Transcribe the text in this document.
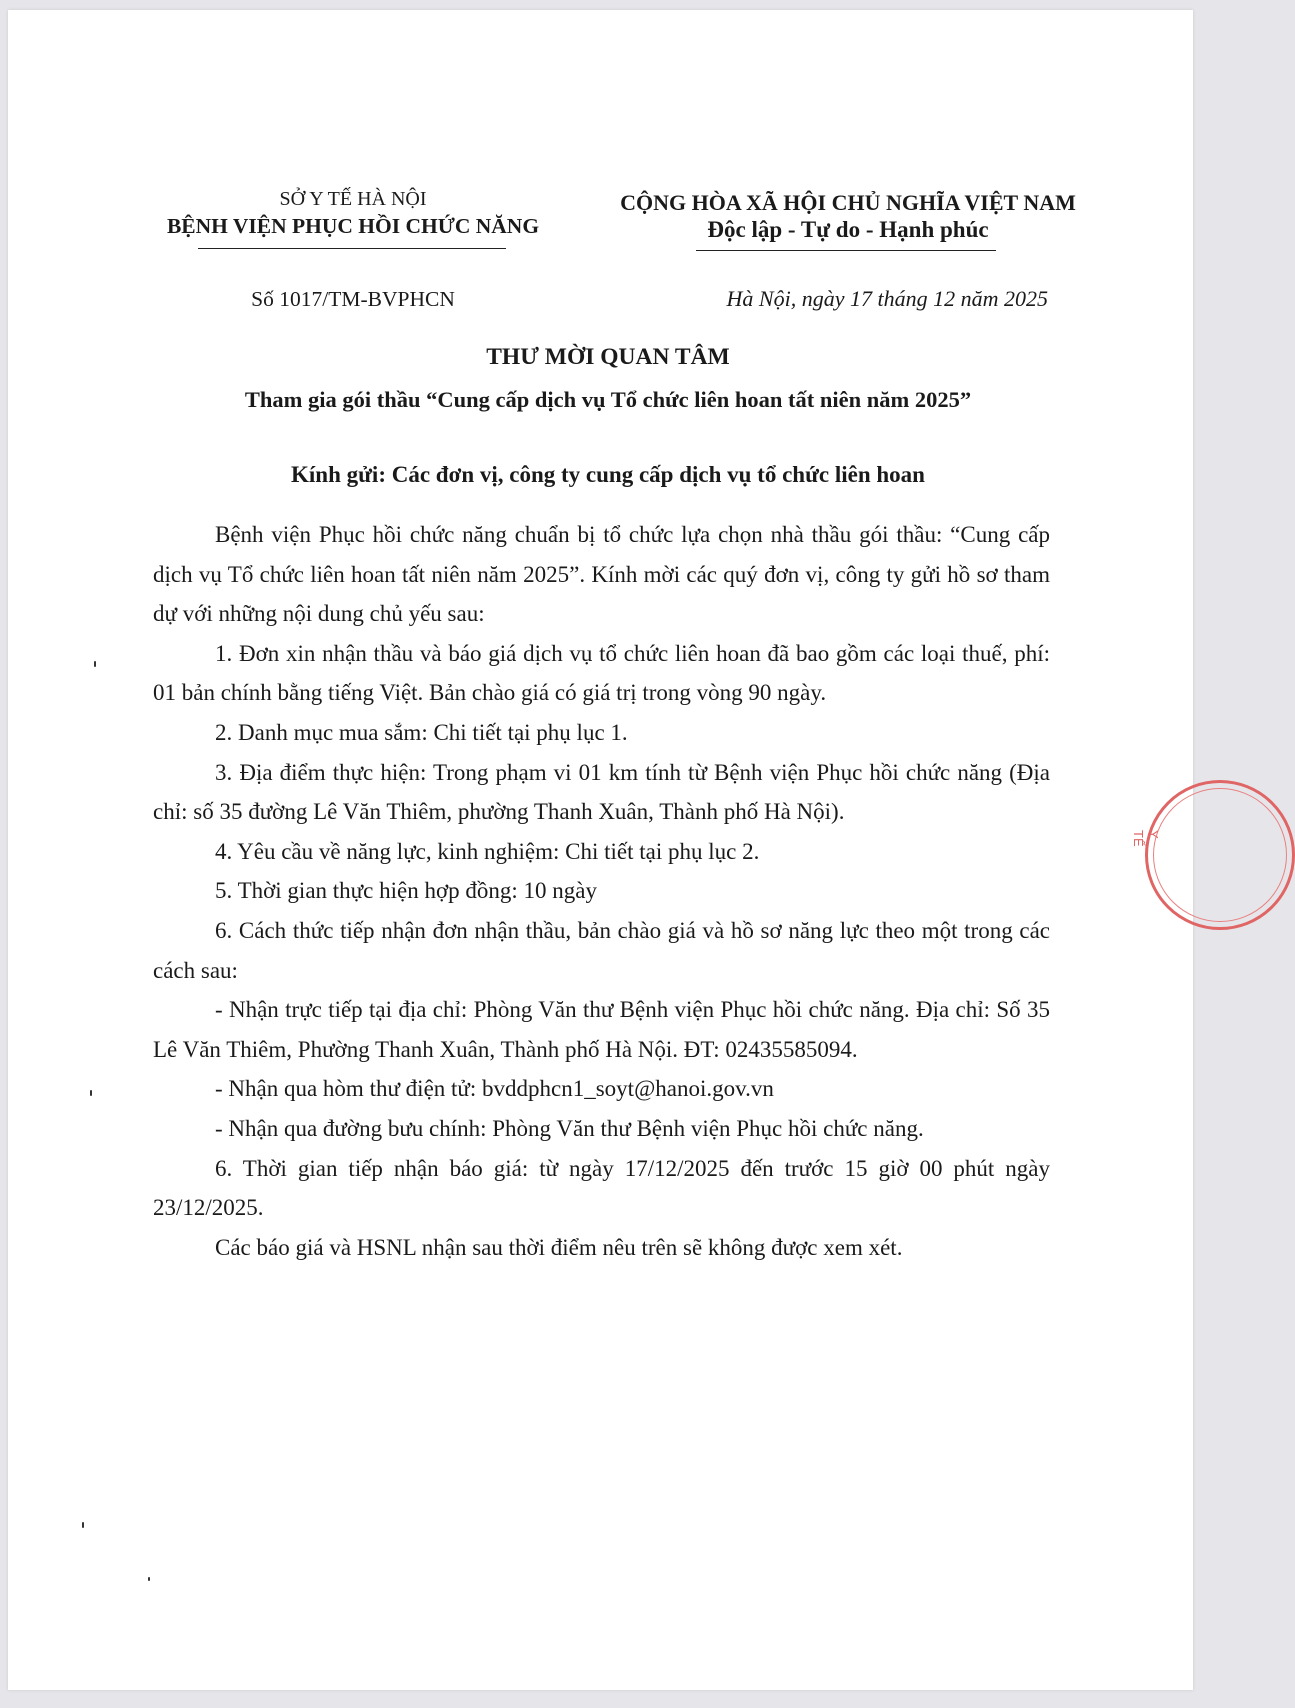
SỞ Y TẾ HÀ NỘI
BỆNH VIỆN PHỤC HỒI CHỨC NĂNG
CỘNG HÒA XÃ HỘI CHỦ NGHĨA VIỆT NAM
Độc lập - Tự do - Hạnh phúc
Số 1017/TM-BVPHCN	Hà Nội, ngày 17 tháng 12 năm 2025
THƯ MỜI QUAN TÂM
Tham gia gói thầu “Cung cấp dịch vụ Tổ chức liên hoan tất niên năm 2025”
Kính gửi: Các đơn vị, công ty cung cấp dịch vụ tổ chức liên hoan

Bệnh viện Phục hồi chức năng chuẩn bị tổ chức lựa chọn nhà thầu gói thầu: “Cung cấp dịch vụ Tổ chức liên hoan tất niên năm 2025”. Kính mời các quý đơn vị, công ty gửi hồ sơ tham dự với những nội dung chủ yếu sau:

1. Đơn xin nhận thầu và báo giá dịch vụ tổ chức liên hoan đã bao gồm các loại thuế, phí: 01 bản chính bằng tiếng Việt. Bản chào giá có giá trị trong vòng 90 ngày.

2. Danh mục mua sắm: Chi tiết tại phụ lục 1.

3. Địa điểm thực hiện: Trong phạm vi 01 km tính từ Bệnh viện Phục hồi chức năng (Địa chỉ: số 35 đường Lê Văn Thiêm, phường Thanh Xuân, Thành phố Hà Nội).

4. Yêu cầu về năng lực, kinh nghiệm: Chi tiết tại phụ lục 2.

5. Thời gian thực hiện hợp đồng: 10 ngày

6. Cách thức tiếp nhận đơn nhận thầu, bản chào giá và hồ sơ năng lực theo một trong các cách sau:

- Nhận trực tiếp tại địa chỉ: Phòng Văn thư Bệnh viện Phục hồi chức năng. Địa chỉ: Số 35 Lê Văn Thiêm, Phường Thanh Xuân, Thành phố Hà Nội. ĐT: 02435585094.

- Nhận qua hòm thư điện tử: bvddphcn1_soyt@hanoi.gov.vn

- Nhận qua đường bưu chính: Phòng Văn thư Bệnh viện Phục hồi chức năng.

6. Thời gian tiếp nhận báo giá: từ ngày 17/12/2025 đến trước 15 giờ 00 phút ngày 23/12/2025.

Các báo giá và HSNL nhận sau thời điểm nêu trên sẽ không được xem xét.

Y TẾ
